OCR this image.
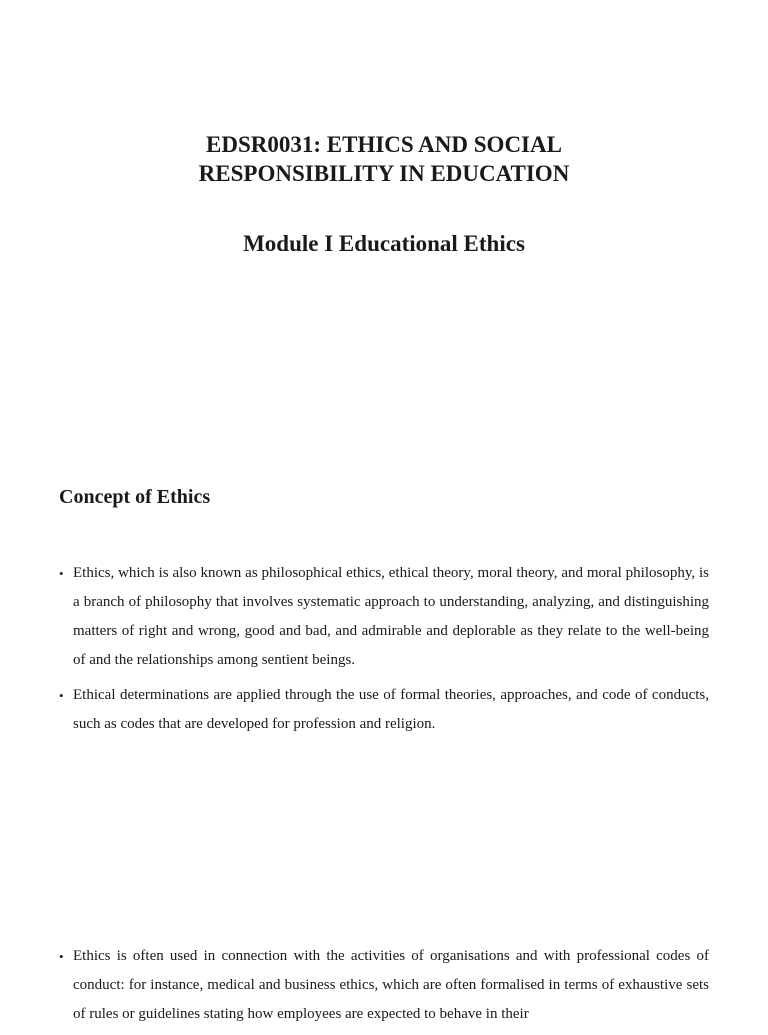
EDSR0031: ETHICS AND SOCIAL

RESPONSIBILITY IN EDUCATION

Module I Educational Ethics

Concept of Ethics

• Ethics, which is also known as philosophical ethics, ethical theory, moral theory, and moral philosophy, is a branch of philosophy that involves systematic approach to understanding, analyzing, and distinguishing matters of right and wrong, good and bad, and admirable and deplorable as they relate to the well-being of and the relationships among sentient beings.
• Ethical determinations are applied through the use of formal theories, approaches, and code of conducts, such as codes that are developed for profession and religion.
• Ethics is often used in connection with the activities of organisations and with professional codes of conduct: for instance, medical and business ethics, which are often formalised in terms of exhaustive sets of rules or guidelines stating how employees are expected to behave in their
